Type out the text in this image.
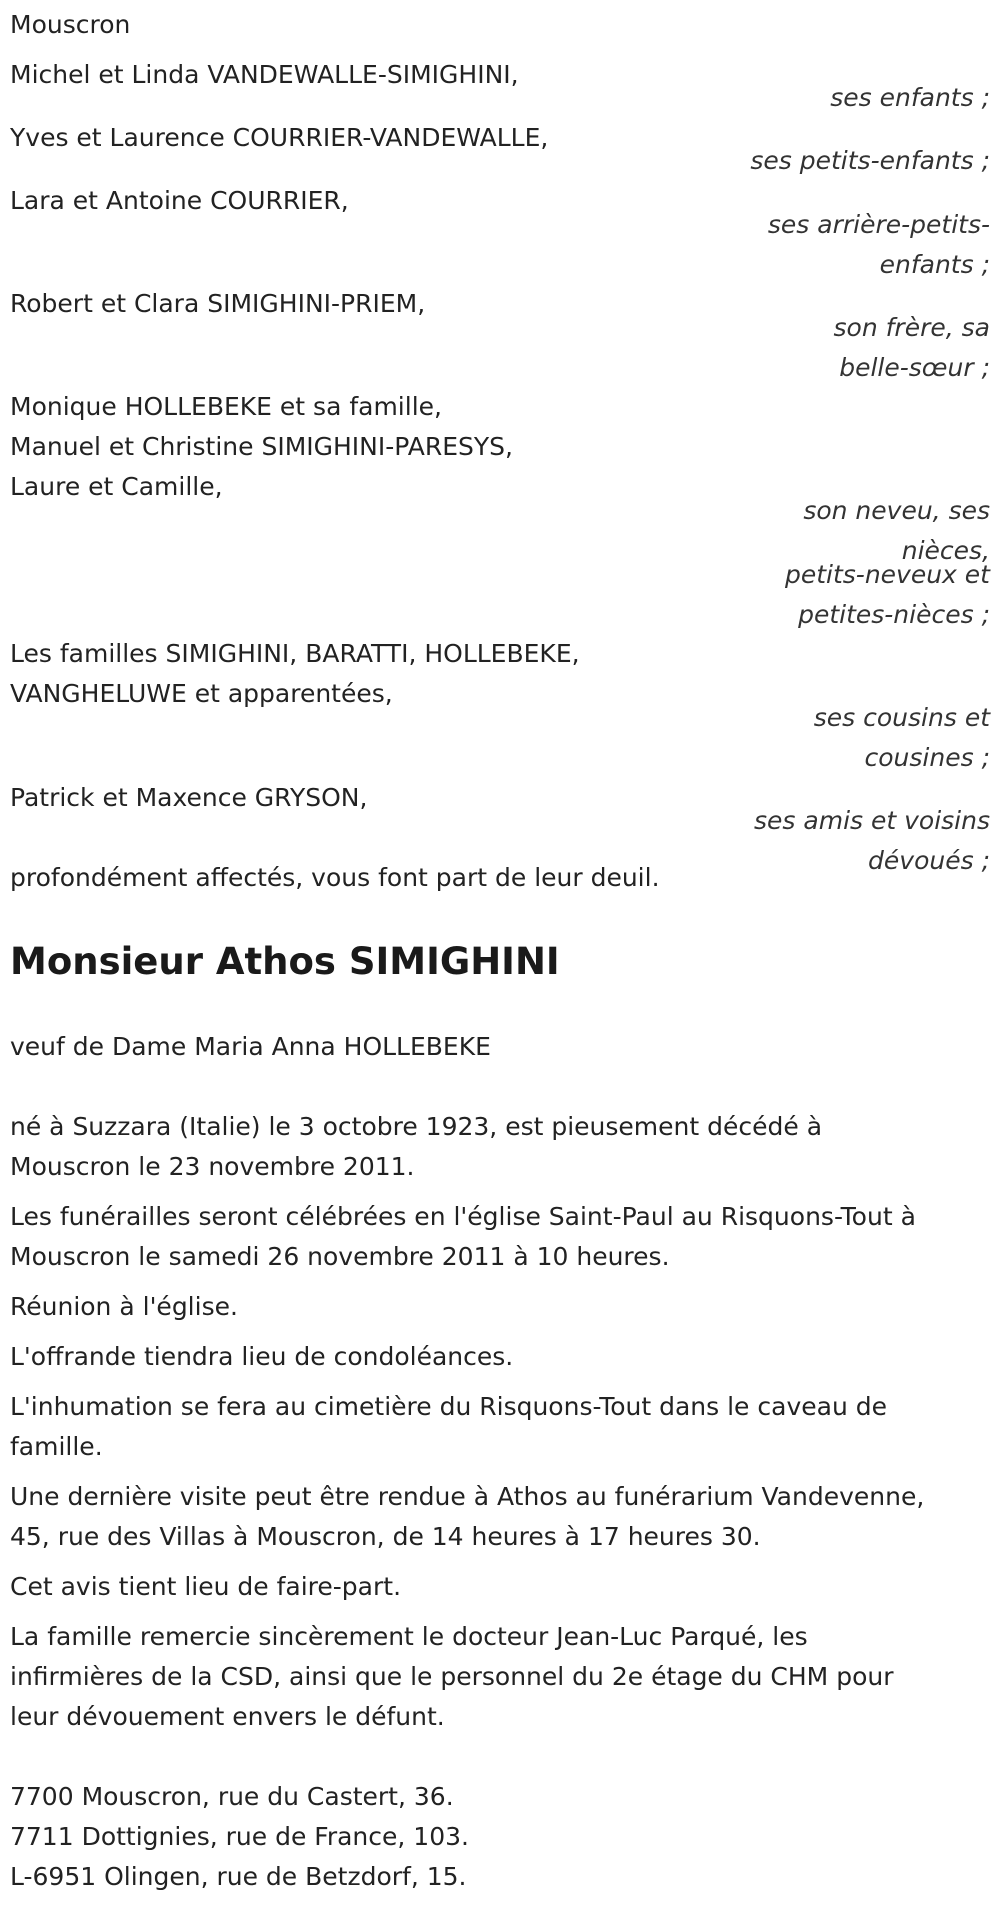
Mouscron
Michel et Linda VANDEWALLE-SIMIGHINI,
ses enfants ;
Yves et Laurence COURRIER-VANDEWALLE,
ses petits-enfants ;
Lara et Antoine COURRIER,
ses arrière-petits-
enfants ;
Robert et Clara SIMIGHINI-PRIEM,
son frère, sa
belle-sœur ;
Monique HOLLEBEKE et sa famille,
Manuel et Christine SIMIGHINI-PARESYS,
Laure et Camille,
son neveu, ses
nièces,
petits-neveux et
petites-nièces ;
Les familles SIMIGHINI, BARATTI, HOLLEBEKE,
VANGHELUWE et apparentées,
ses cousins et
cousines ;
Patrick et Maxence GRYSON,
ses amis et voisins
dévoués ;
profondément affectés, vous font part de leur deuil.
Monsieur Athos SIMIGHINI
veuf de Dame Maria Anna HOLLEBEKE
né à Suzzara (Italie) le 3 octobre 1923, est pieusement décédé à
Mouscron le 23 novembre 2011.
Les funérailles seront célébrées en l'église Saint-Paul au Risquons-Tout à
Mouscron le samedi 26 novembre 2011 à 10 heures.
Réunion à l'église.
L'offrande tiendra lieu de condoléances.
L'inhumation se fera au cimetière du Risquons-Tout dans le caveau de
famille.
Une dernière visite peut être rendue à Athos au funérarium Vandevenne,
45, rue des Villas à Mouscron, de 14 heures à 17 heures 30.
Cet avis tient lieu de faire-part.
La famille remercie sincèrement le docteur Jean-Luc Parqué, les
infirmières de la CSD, ainsi que le personnel du 2e étage du CHM pour
leur dévouement envers le défunt.
7700 Mouscron, rue du Castert, 36.
7711 Dottignies, rue de France, 103.
L-6951 Olingen, rue de Betzdorf, 15.
